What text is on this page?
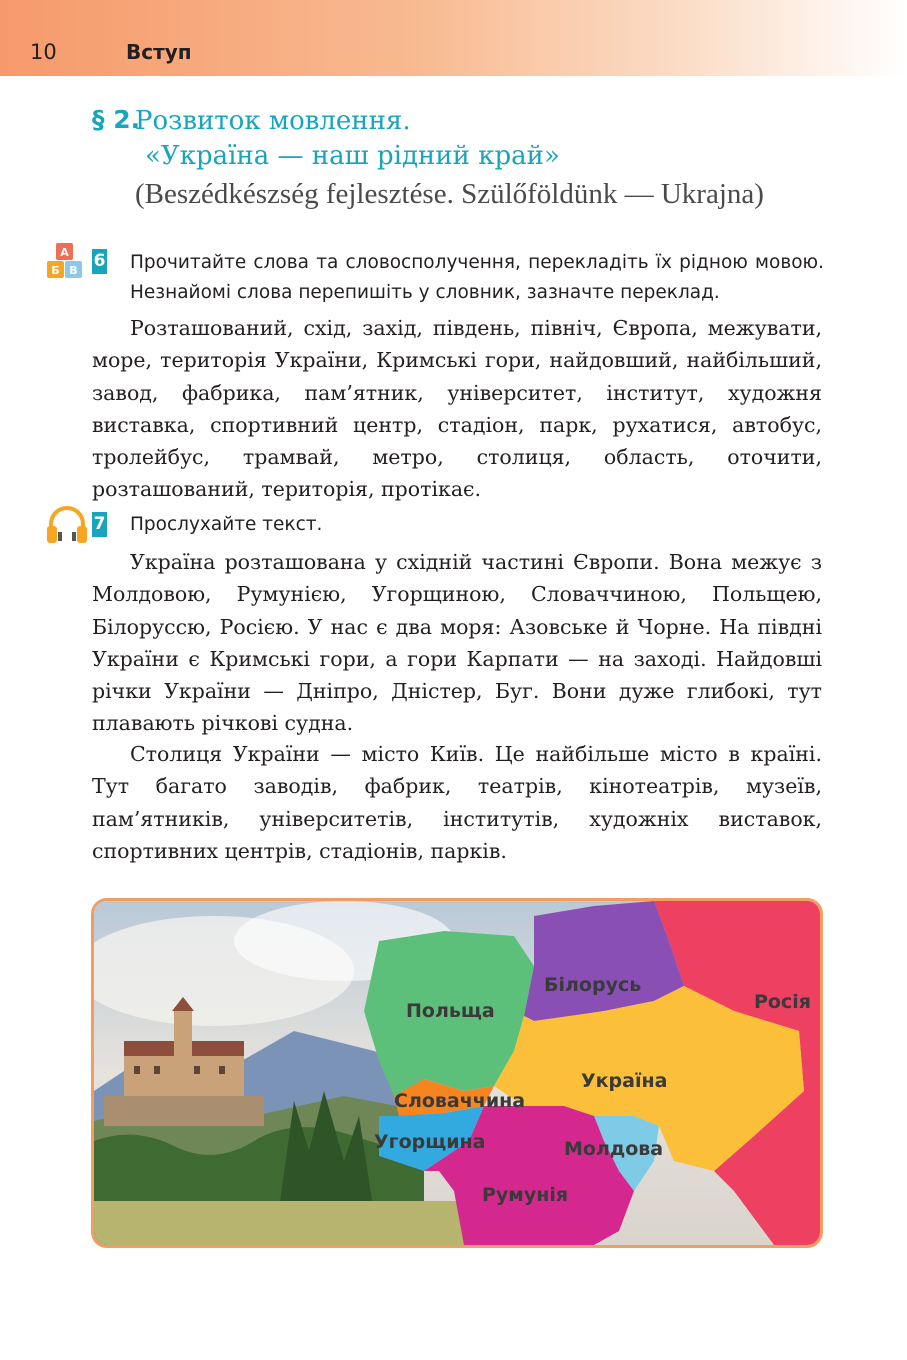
10	Вступ
§ 2.
Розвиток мовлення.
«Україна — наш рідний край»
(Beszédkészség fejlesztése. Szülőföldünk — Ukrajna)
А
Б В 6 Прочитайте слова та словосполучення, перекладіть їх рідною мовою. Незнайомі слова перепишіть у словник, зазначте переклад.

Розташований, схід, захід, південь, північ, Європа, межувати, море, територія України, Кримські гори, найдовший, найбільший, завод, фабрика, пам’ятник, університет, інститут, художня виставка, спортивний центр, стадіон, парк, рухатися, автобус, тролейбус, трамвай, метро, столиця, область, оточити, розташований, територія, протікає.

7 Прослухайте текст.

Україна розташована у східній частині Європи. Вона межує з Молдовою, Румунією, Угорщиною, Словаччиною, Польщею, Білоруссю, Росією. У нас є два моря: Азовське й Чорне. На півдні України є Кримські гори, а гори Карпати — на заході. Найдовші річки України — Дніпро, Дністер, Буг. Вони дуже глибокі, тут плавають річкові судна.

Столиця України — місто Київ. Це найбільше місто в країні. Тут багато заводів, фабрик, театрів, кінотеатрів, музеїв, пам’ятників, університетів, інститутів, художніх виставок, спортивних центрів, стадіонів, парків.

Польща
Білорусь
Росія
Україна
Словаччина
Угорщина	Молдова
Румунія
